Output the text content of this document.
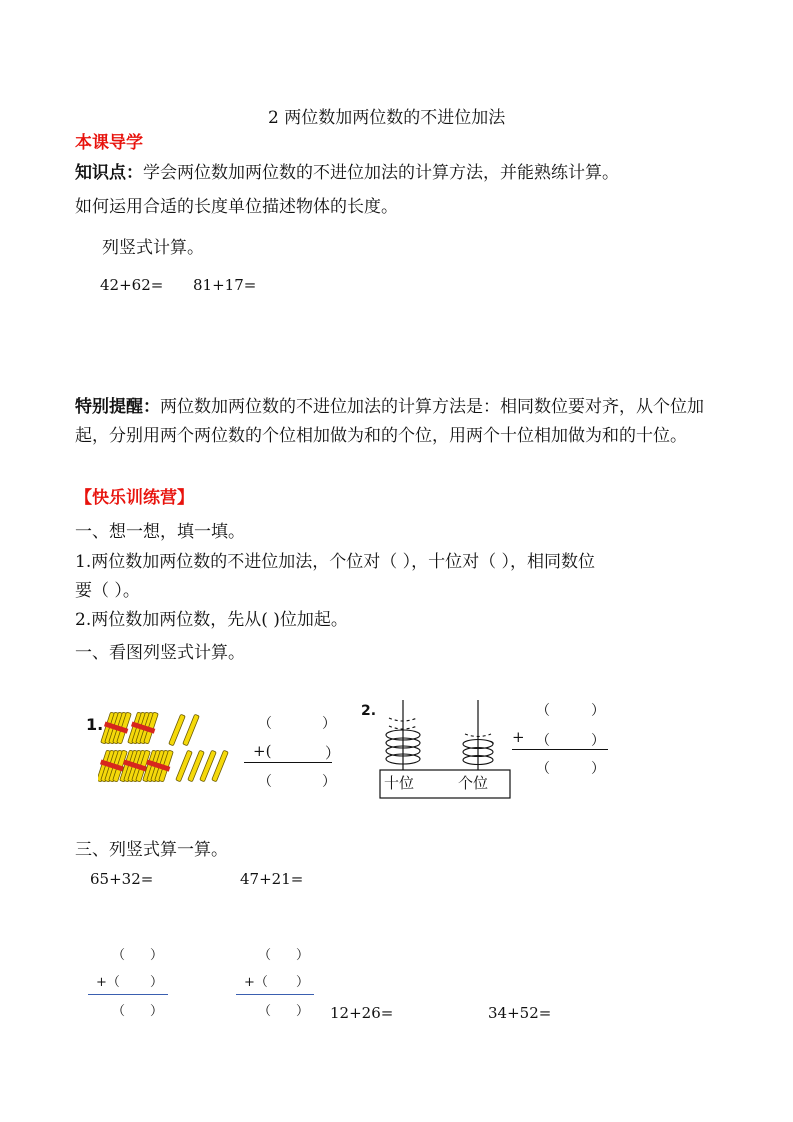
2 两位数加两位数的不进位加法
本课导学
知识点：学会两位数加两位数的不进位加法的计算方法，并能熟练计算。
如何运用合适的长度单位描述物体的长度。
列竖式计算。
42+62= 81+17=
特别提醒：两位数加两位数的不进位加法的计算方法是：相同数位要对齐，从个位加起，分别用两个两位数的个位相加做为和的个位，用两个十位相加做为和的十位。
【快乐训练营】
一、想一想，填一填。
1.两位数加两位数的不进位加法，个位对（ ），十位对（ ），相同数位
要（ ）。
2.两位数加两位数，先从( )位加起。
一、看图列竖式计算。
1.	（	）
+(	）
（	）
2.
十位	个位
、
（	）
+ （	）
（	）
三、列竖式算一算。
65+32=	47+21=
（ ）
+（ ）
（ ）
（ ）
+（ ）
（ ） 12+26=	34+52=
